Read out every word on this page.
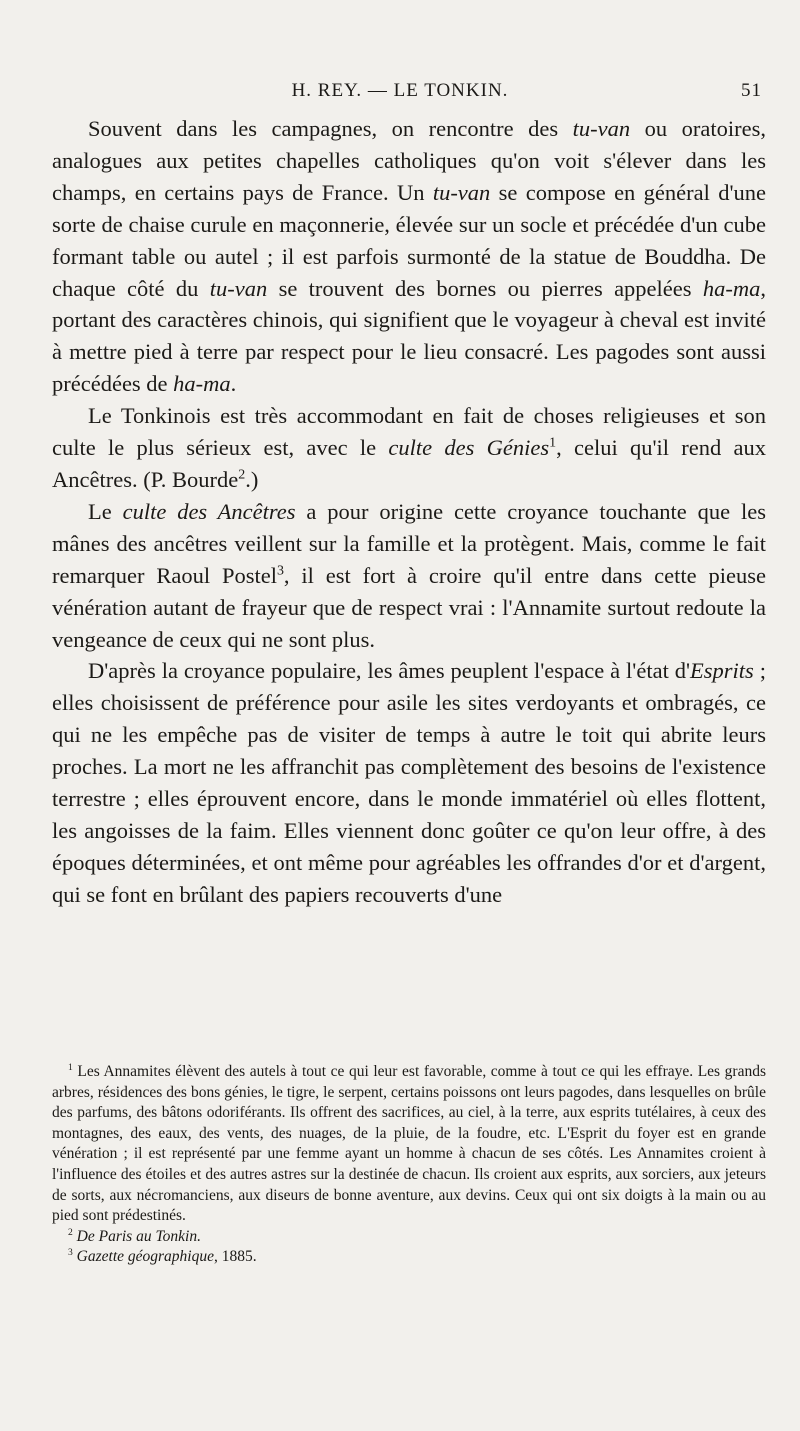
H. REY. — LE TONKIN.	51

Souvent dans les campagnes, on rencontre des tu-van ou oratoires, analogues aux petites chapelles catholiques qu'on voit s'élever dans les champs, en certains pays de France. Un tu-van se compose en général d'une sorte de chaise curule en maçonnerie, élevée sur un socle et précédée d'un cube formant table ou autel ; il est parfois surmonté de la statue de Bouddha. De chaque côté du tu-van se trouvent des bornes ou pierres appelées ha-ma, portant des caractères chinois, qui signifient que le voyageur à cheval est invité à mettre pied à terre par respect pour le lieu consacré. Les pagodes sont aussi précédées de ha-ma.

Le Tonkinois est très accommodant en fait de choses religieuses et son culte le plus sérieux est, avec le culte des Génies$^1$, celui qu'il rend aux Ancêtres. (P. Bourde$^2$.)

Le culte des Ancêtres a pour origine cette croyance touchante que les mânes des ancêtres veillent sur la famille et la protègent. Mais, comme le fait remarquer Raoul Postel$^3$, il est fort à croire qu'il entre dans cette pieuse vénération autant de frayeur que de respect vrai : l'Annamite surtout redoute la vengeance de ceux qui ne sont plus.

D'après la croyance populaire, les âmes peuplent l'espace à l'état d'Esprits ; elles choisissent de préférence pour asile les sites verdoyants et ombragés, ce qui ne les empêche pas de visiter de temps à autre le toit qui abrite leurs proches. La mort ne les affranchit pas complètement des besoins de l'existence terrestre ; elles éprouvent encore, dans le monde immatériel où elles flottent, les angoisses de la faim. Elles viennent donc goûter ce qu'on leur offre, à des époques déterminées, et ont même pour agréables les offrandes d'or et d'argent, qui se font en brûlant des papiers recouverts d'une

$^1$ Les Annamites élèvent des autels à tout ce qui leur est favorable, comme à tout ce qui les effraye. Les grands arbres, résidences des bons génies, le tigre, le serpent, certains poissons ont leurs pagodes, dans lesquelles on brûle des parfums, des bâtons odoriférants. Ils offrent des sacrifices, au ciel, à la terre, aux esprits tutélaires, à ceux des montagnes, des eaux, des vents, des nuages, de la pluie, de la foudre, etc. L'Esprit du foyer est en grande vénération ; il est représenté par une femme ayant un homme à chacun de ses côtés. Les Annamites croient à l'influence des étoiles et des autres astres sur la destinée de chacun. Ils croient aux esprits, aux sorciers, aux jeteurs de sorts, aux nécromanciens, aux diseurs de bonne aventure, aux devins. Ceux qui ont six doigts à la main ou au pied sont prédestinés.

$^2$ De Paris au Tonkin.

$^3$ Gazette géographique, 1885.
